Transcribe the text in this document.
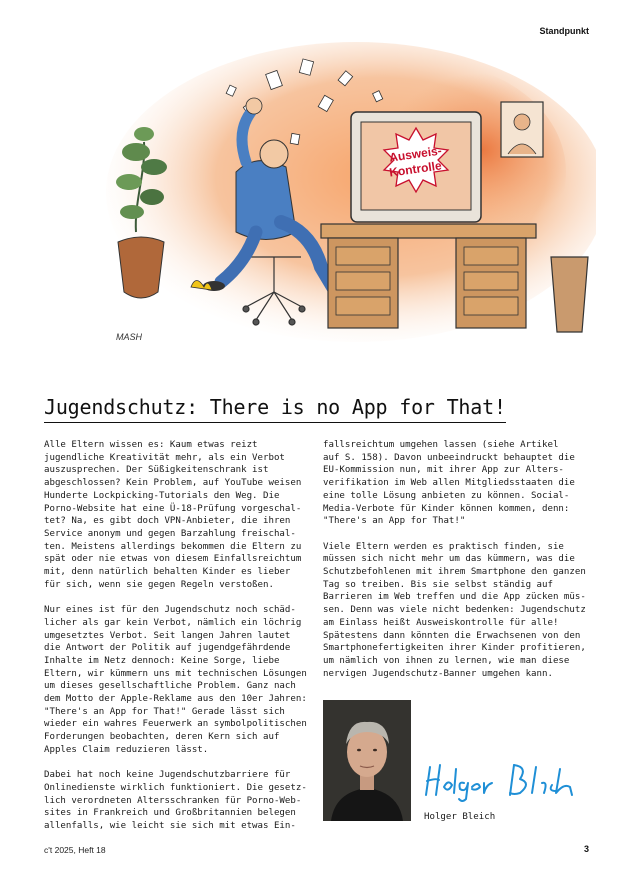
Standpunkt
Ausweis-
Kontrolle
MASH
Jugendschutz: There is no App for That!
Alle Eltern wissen es: Kaum etwas reizt
jugendliche Kreativität mehr, als ein Verbot
auszusprechen. Der Süßigkeitenschrank ist
abgeschlossen? Kein Problem, auf YouTube weisen
Hunderte Lockpicking-Tutorials den Weg. Die
Porno-Website hat eine Ü-18-Prüfung vorgeschal-
tet? Na, es gibt doch VPN-Anbieter, die ihren
Service anonym und gegen Barzahlung freischal-
ten. Meistens allerdings bekommen die Eltern zu
spät oder nie etwas von diesem Einfallsreichtum
mit, denn natürlich behalten Kinder es lieber
für sich, wenn sie gegen Regeln verstoßen.
Nur eines ist für den Jugendschutz noch schäd-
licher als gar kein Verbot, nämlich ein löchrig
umgesetztes Verbot. Seit langen Jahren lautet
die Antwort der Politik auf jugendgefährdende
Inhalte im Netz dennoch: Keine Sorge, liebe
Eltern, wir kümmern uns mit technischen Lösungen
um dieses gesellschaftliche Problem. Ganz nach
dem Motto der Apple-Reklame aus den 10er Jahren:
"There's an App for That!" Gerade lässt sich
wieder ein wahres Feuerwerk an symbolpolitischen
Forderungen beobachten, deren Kern sich auf
Apples Claim reduzieren lässt.
Dabei hat noch keine Jugendschutzbarriere für
Onlinedienste wirklich funktioniert. Die gesetz-
lich verordneten Altersschranken für Porno-Web-
sites in Frankreich und Großbritannien belegen
allenfalls, wie leicht sie sich mit etwas Ein-
fallsreichtum umgehen lassen (siehe Artikel
auf S. 158). Davon unbeeindruckt behauptet die
EU-Kommission nun, mit ihrer App zur Alters-
verifikation im Web allen Mitgliedsstaaten die
eine tolle Lösung anbieten zu können. Social-
Media-Verbote für Kinder können kommen, denn:
"There's an App for That!"
Viele Eltern werden es praktisch finden, sie
müssen sich nicht mehr um das kümmern, was die
Schutzbefohlenen mit ihrem Smartphone den ganzen
Tag so treiben. Bis sie selbst ständig auf
Barrieren im Web treffen und die App zücken müs-
sen. Denn was viele nicht bedenken: Jugendschutz
am Einlass heißt Ausweiskontrolle für alle!
Spätestens dann könnten die Erwachsenen von den
Smartphonefertigkeiten ihrer Kinder profitieren,
um nämlich von ihnen zu lernen, wie man diese
nervigen Jugendschutz-Banner umgehen kann.
Holger Bleich
c't 2025, Heft 18	3
